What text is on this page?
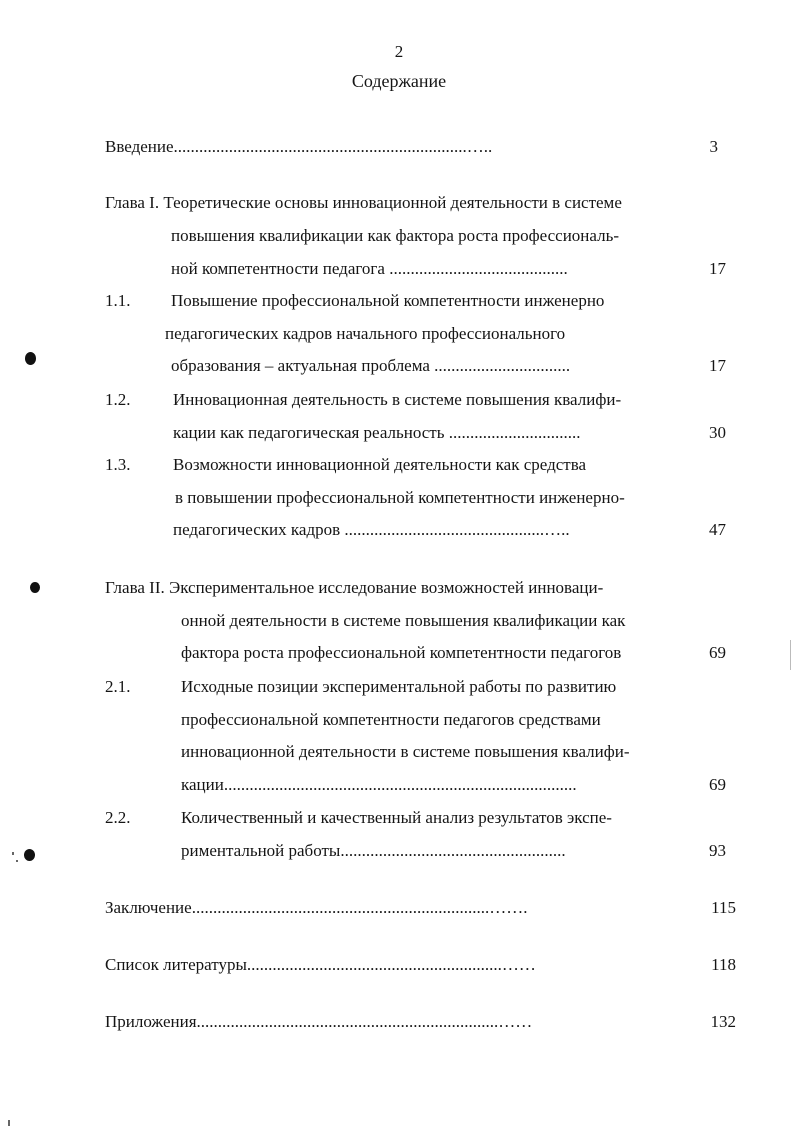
2
Содержание
Введение.....................................................................…..	3
Глава I. Теоретические основы инновационной деятельности в системе
повышения квалификации как фактора роста профессиональ-
ной компетентности педагога ..........................................	17
1.1. Повышение профессиональной компетентности инженерно
педагогических кадров начального профессионального
образования – актуальная проблема ................................	17
1.2.	Инновационная деятельность в системе повышения квалифи-
кации как педагогическая реальность ...............................	30
1.3.	Возможности инновационной деятельности как средства
в повышении профессиональной компетентности инженерно-
педагогических кадров ...............................................…..	47
Глава II. Экспериментальное исследование возможностей инноваци-
онной деятельности в системе повышения квалификации как
фактора роста профессиональной компетентности педагогов	69
2.1.	Исходные позиции экспериментальной работы по развитию
профессиональной компетентности педагогов средствами
инновационной деятельности в системе повышения квалифи-
кации...................................................................................	69
2.2.	Количественный и качественный анализ результатов экспе-
риментальной работы.....................................................	93
Заключение......................................................................…….	115
Список литературы............................................................……	118
Приложения.......................................................................……	132
